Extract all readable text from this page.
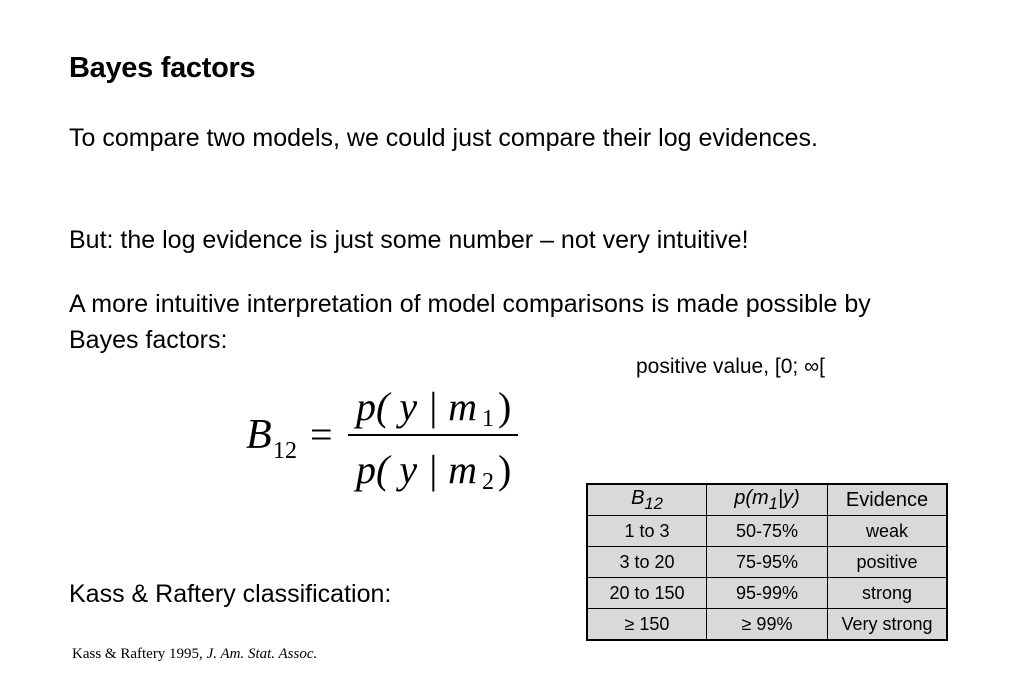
Bayes factors
To compare two models, we could just compare their log evidences.
But: the log evidence is just some number – not very intuitive!
A more intuitive interpretation of model comparisons is made possible by Bayes factors:
positive value, [0; ∞[
B 12 =
p( y | m 1 )
p( y | m 2 )
$B_{12}$	$p(m_1|y)$	Evidence
1 to 3	50-75%	weak
3 to 20	75-95%	positive
20 to 150	95-99%	strong
≥ 150	≥ 99%	Very strong
Kass & Raftery classification:
Kass & Raftery 1995, J. Am. Stat. Assoc.
